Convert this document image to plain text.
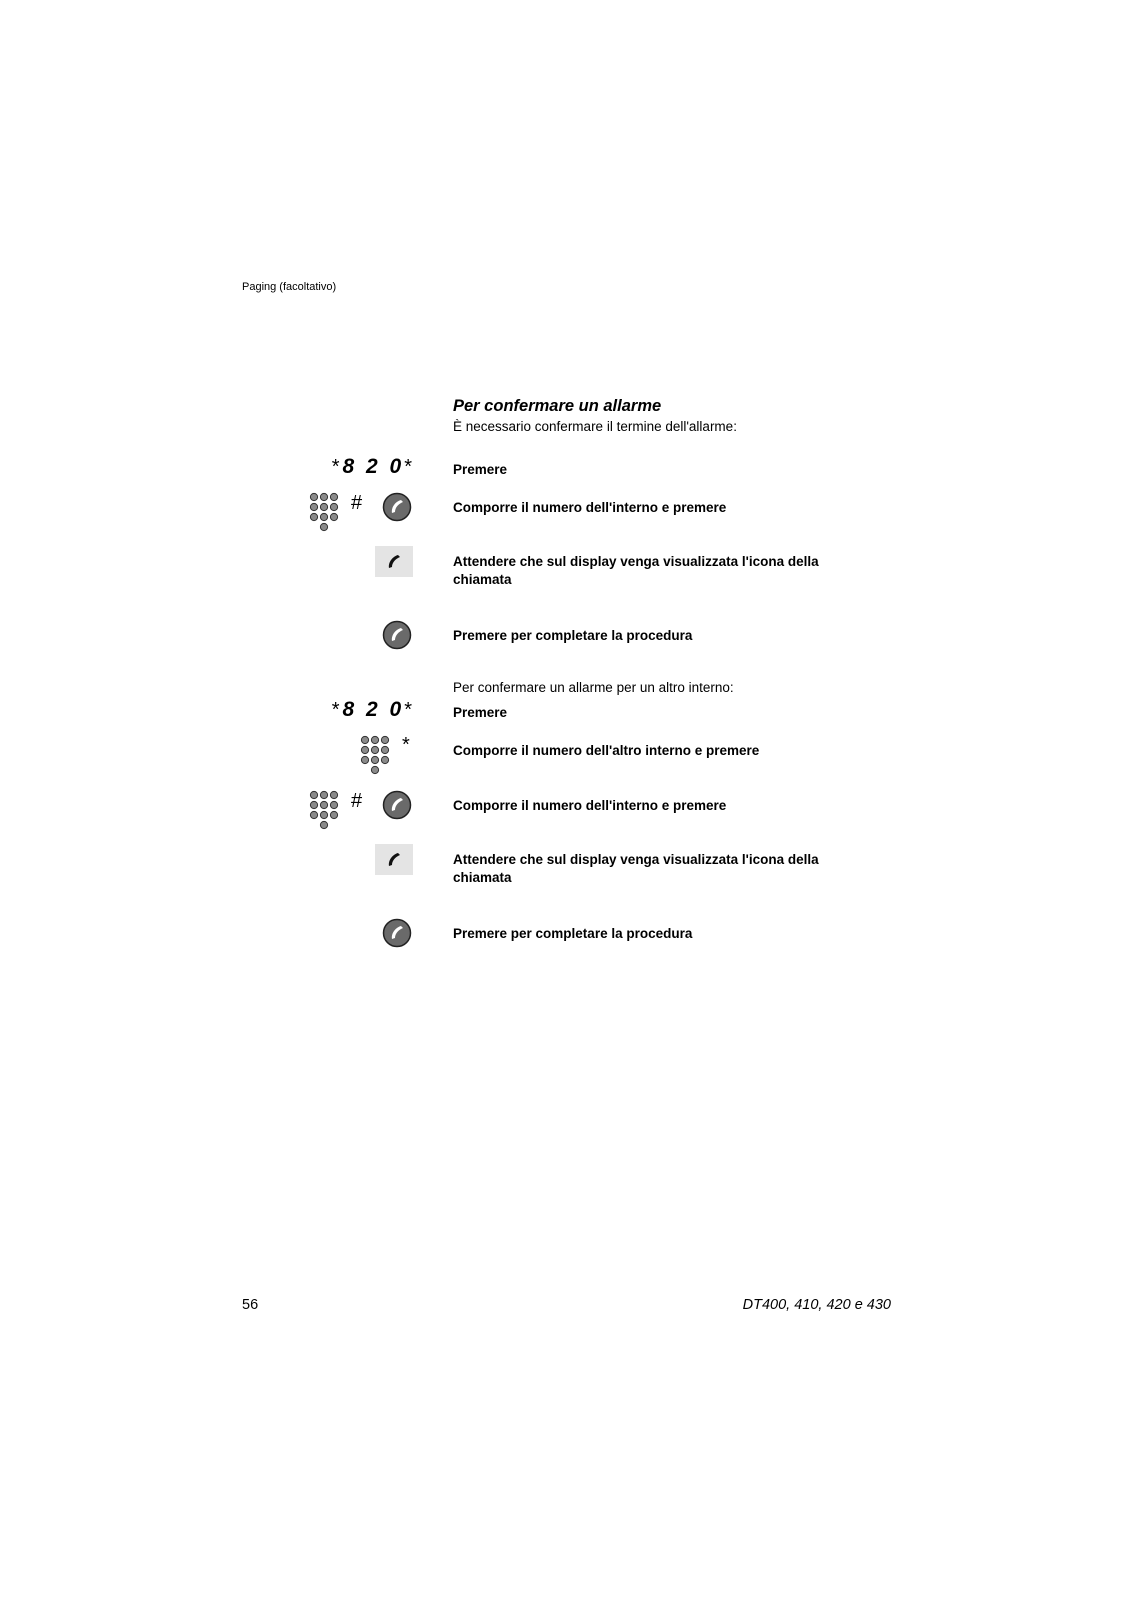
Paging (facoltativo)
Per confermare un allarme
È necessario confermare il termine dell'allarme:
*8 2 0*	Premere
#	Comporre il numero dell'interno e premere
Attendere che sul display venga visualizzata l'icona della chiamata
Premere per completare la procedura
Per confermare un allarme per un altro interno:
*8 2 0*	Premere
*	Comporre il numero dell'altro interno e premere
#	Comporre il numero dell'interno e premere
Attendere che sul display venga visualizzata l'icona della chiamata
Premere per completare la procedura
56	DT400, 410, 420 e 430
